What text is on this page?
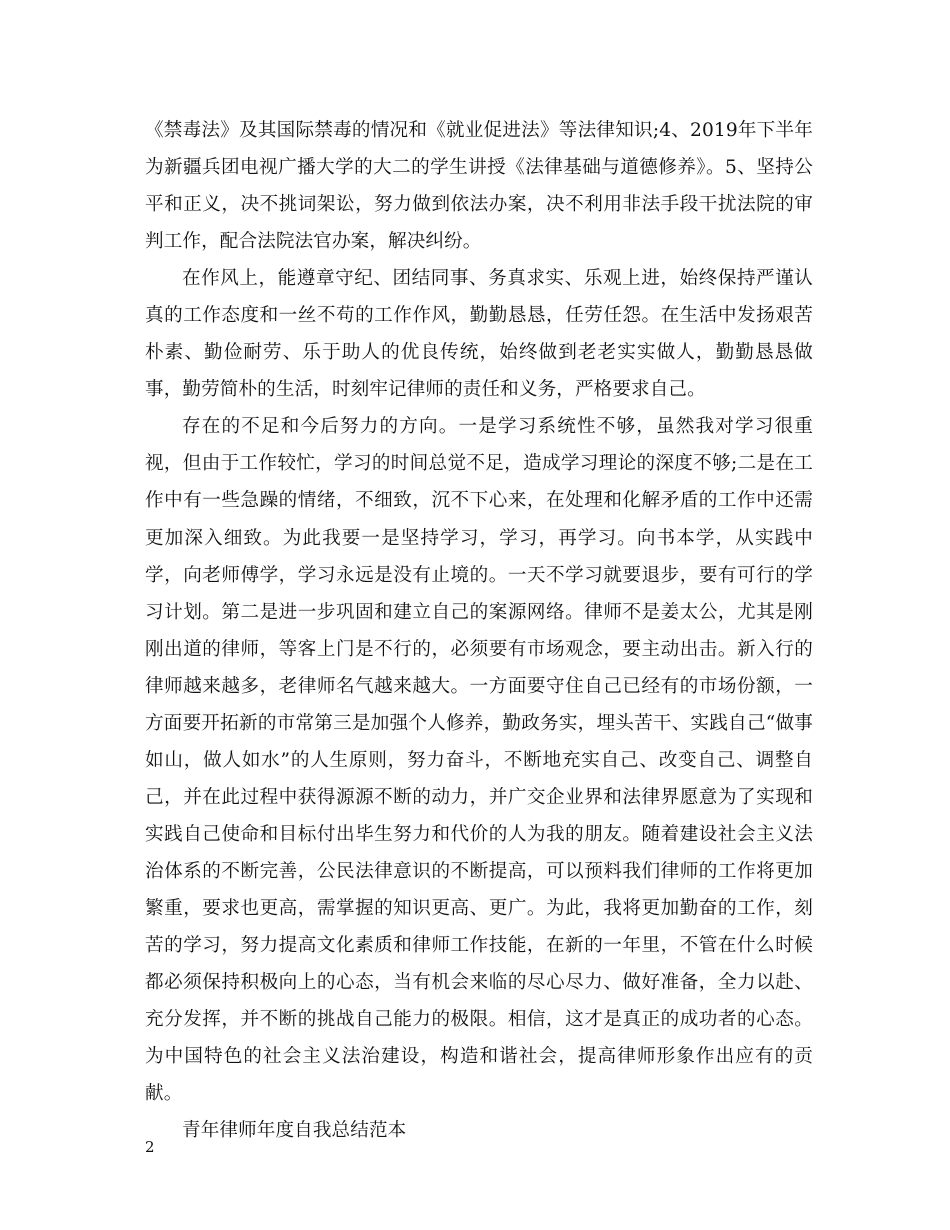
《禁毒法》及其国际禁毒的情况和《就业促进法》等法律知识;4、2019年下半年为新疆兵团电视广播大学的大二的学生讲授《法律基础与道德修养》。5、坚持公平和正义，决不挑词架讼，努力做到依法办案，决不利用非法手段干扰法院的审判工作，配合法院法官办案，解决纠纷。

在作风上，能遵章守纪、团结同事、务真求实、乐观上进，始终保持严谨认真的工作态度和一丝不苟的工作作风，勤勤恳恳，任劳任怨。在生活中发扬艰苦朴素、勤俭耐劳、乐于助人的优良传统，始终做到老老实实做人，勤勤恳恳做事，勤劳简朴的生活，时刻牢记律师的责任和义务，严格要求自己。

存在的不足和今后努力的方向。一是学习系统性不够，虽然我对学习很重视，但由于工作较忙，学习的时间总觉不足，造成学习理论的深度不够;二是在工作中有一些急躁的情绪，不细致，沉不下心来，在处理和化解矛盾的工作中还需更加深入细致。为此我要一是坚持学习，学习，再学习。向书本学，从实践中学，向老师傅学，学习永远是没有止境的。一天不学习就要退步，要有可行的学习计划。第二是进一步巩固和建立自己的案源网络。律师不是姜太公，尤其是刚刚出道的律师，等客上门是不行的，必须要有市场观念，要主动出击。新入行的律师越来越多，老律师名气越来越大。一方面要守住自己已经有的市场份额，一方面要开拓新的市常第三是加强个人修养，勤政务实，埋头苦干、实践自己“做事如山，做人如水”的人生原则，努力奋斗，不断地充实自己、改变自己、调整自己，并在此过程中获得源源不断的动力，并广交企业界和法律界愿意为了实现和实践自己使命和目标付出毕生努力和代价的人为我的朋友。随着建设社会主义法治体系的不断完善，公民法律意识的不断提高，可以预料我们律师的工作将更加繁重，要求也更高，需掌握的知识更高、更广。为此，我将更加勤奋的工作，刻苦的学习，努力提高文化素质和律师工作技能，在新的一年里，不管在什么时候都必须保持积极向上的心态，当有机会来临的尽心尽力、做好准备，全力以赴、充分发挥，并不断的挑战自己能力的极限。相信，这才是真正的成功者的心态。为中国特色的社会主义法治建设，构造和谐社会，提高律师形象作出应有的贡献。

青年律师年度自我总结范本

2
